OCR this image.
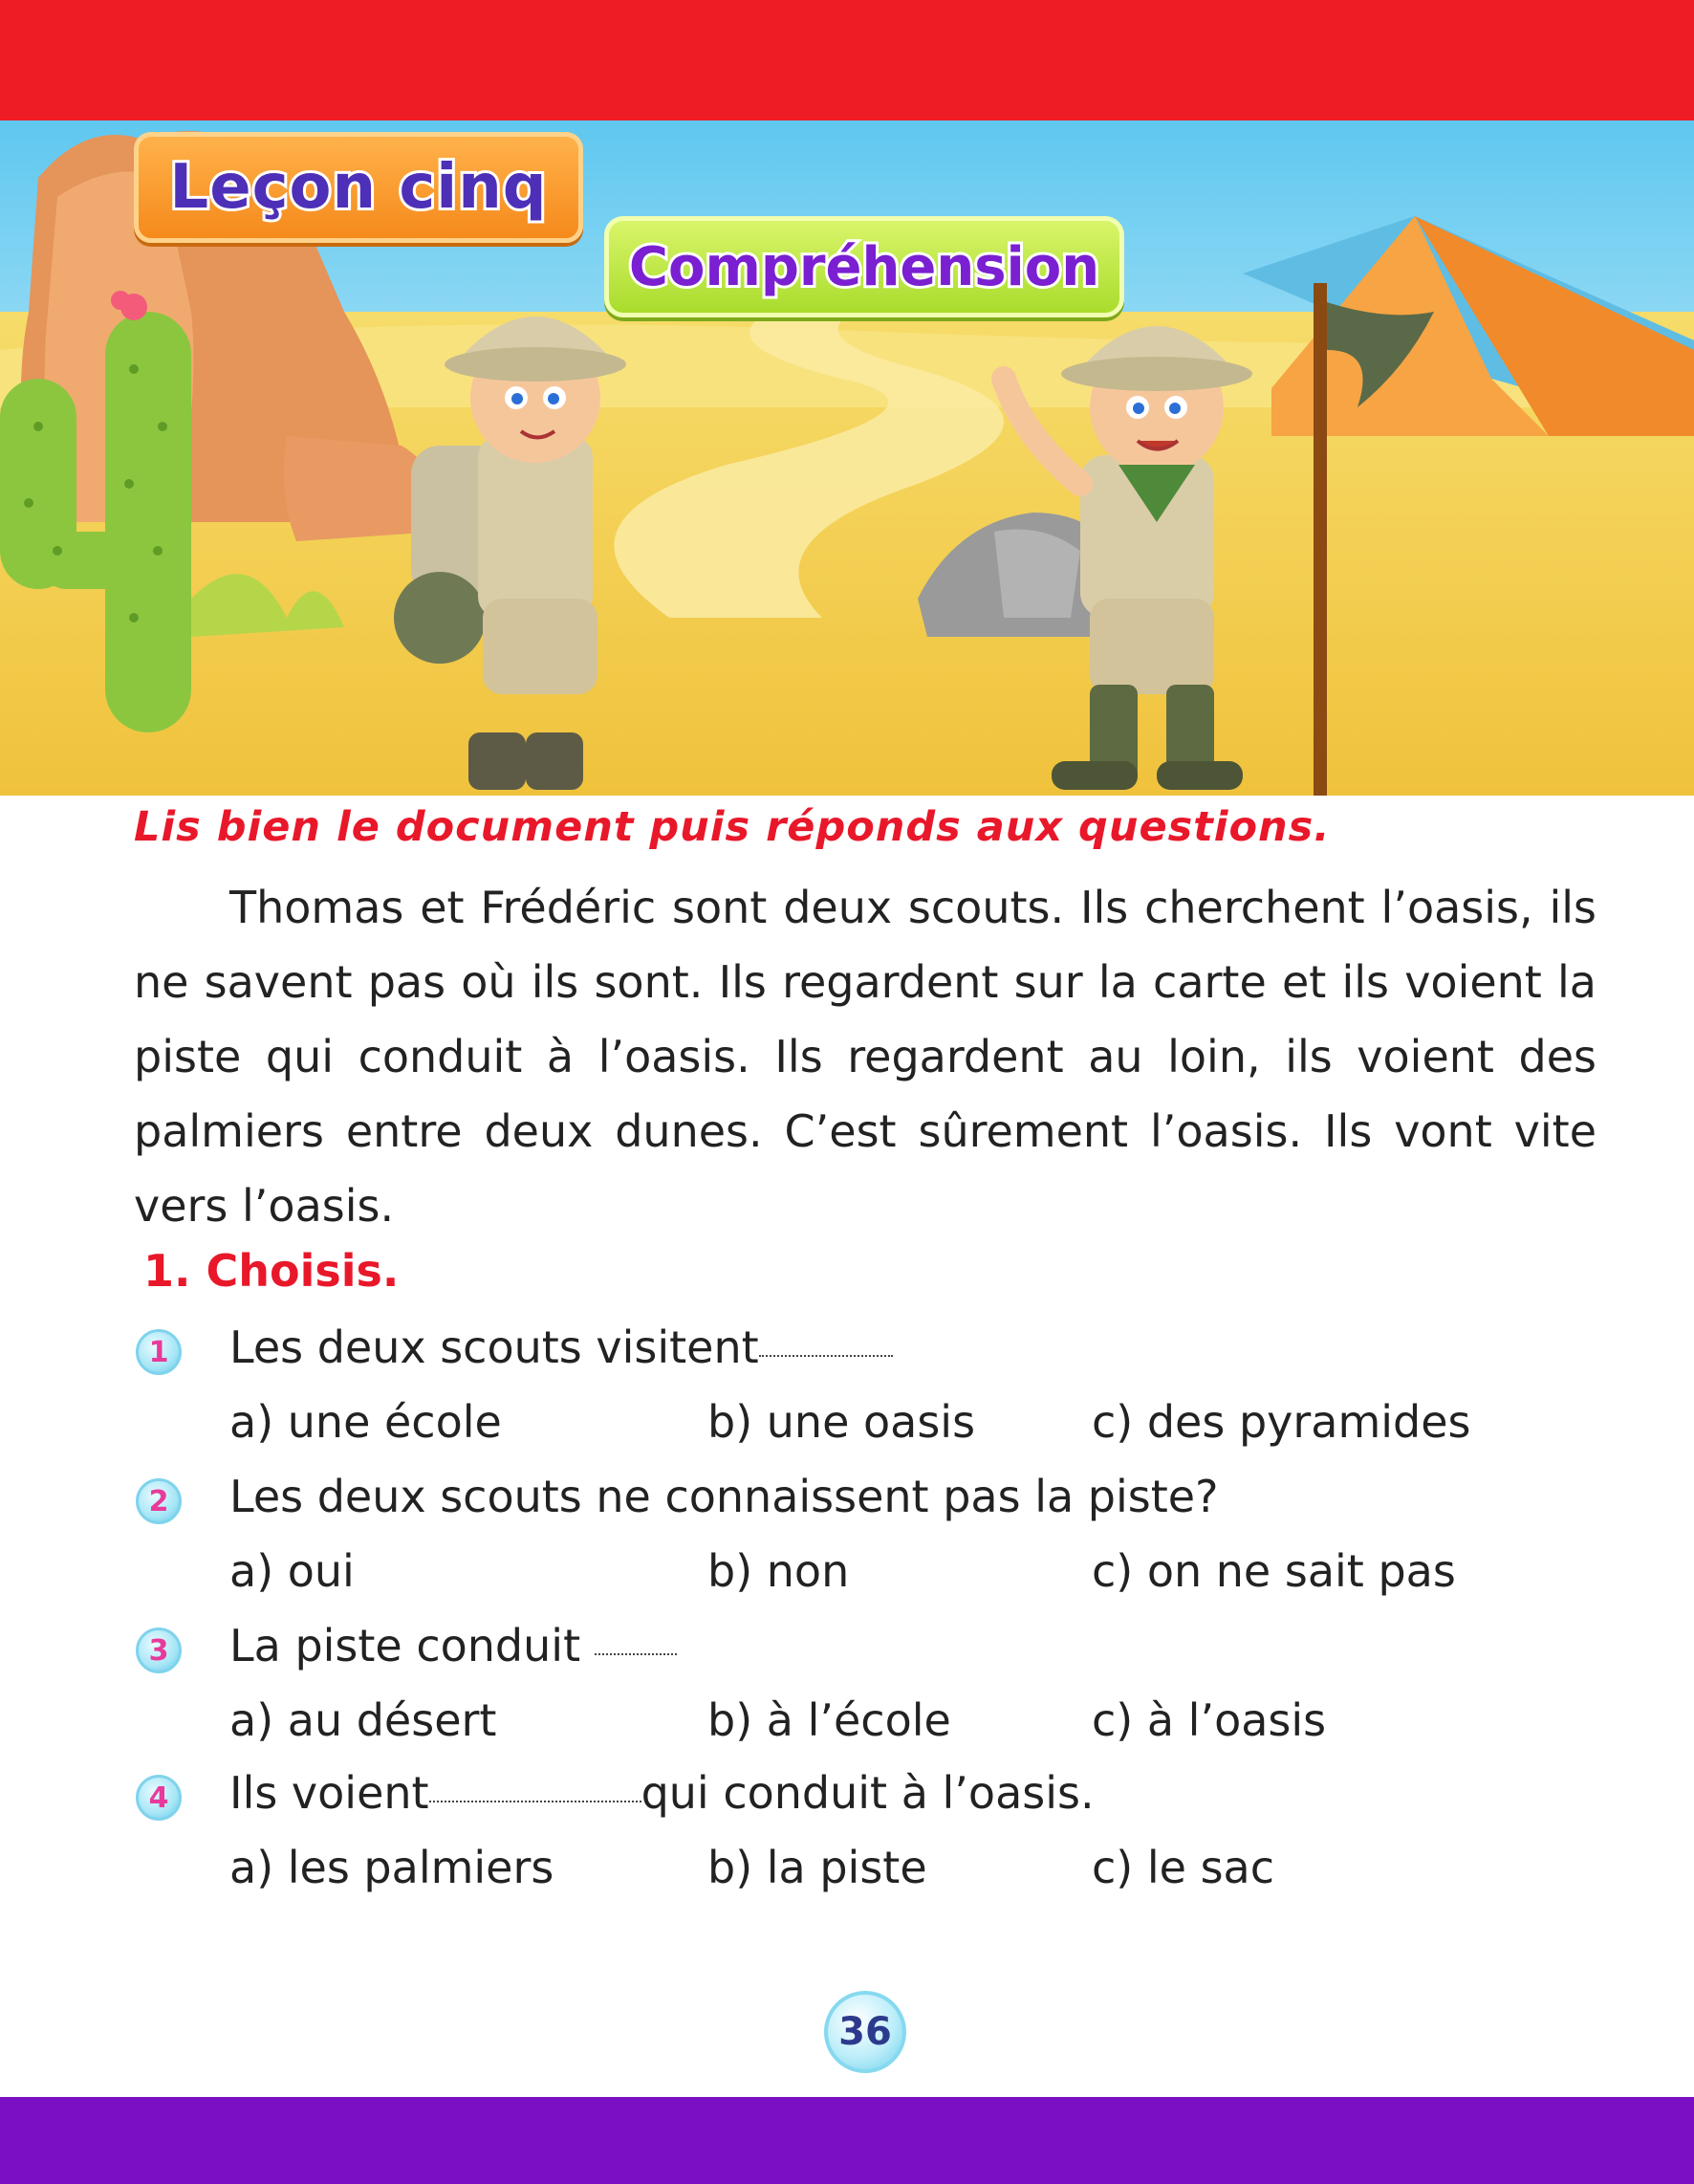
Leçon cinq
Compréhension
Lis bien le document puis réponds aux questions.

Thomas et Frédéric sont deux scouts. Ils cherchent l’oasis, ils ne savent pas où ils sont. Ils regardent sur la carte et ils voient la piste qui conduit à l’oasis. Ils regardent au loin, ils voient des palmiers entre deux dunes. C’est sûrement l’oasis. Ils vont vite vers l’oasis.

1. Choisis.
1 Les deux scouts visitent
a) une école	b) une oasis	c) des pyramides
2 Les deux scouts ne connaissent pas la piste?
a) oui	b) non	c) on ne sait pas
3 La piste conduit
a) au désert	b) à l’école	c) à l’oasis
4 Ils voient	qui conduit à l’oasis.
a) les palmiers	b) la piste	c) le sac
36
